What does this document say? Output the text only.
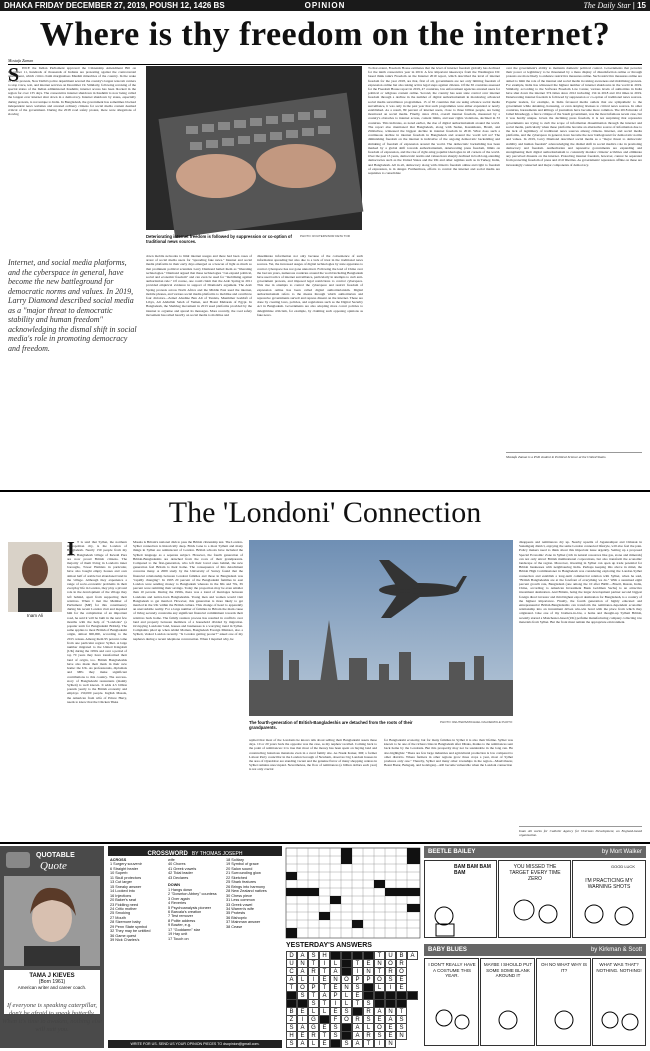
DHAKA FRIDAY DECEMBER 27, 2019, POUSH 12, 1426 BS	OPINION	The Daily Star | 15
Where is thy freedom on the internet?
Mostafa Zaman
S INCE the Indian Parliament approved the Citizenship Amendment Bill on December 11, hundreds of thousands of Indians are protesting against the controversial amendment, which critics claim marginalises Muslim minorities of the country. In the wake of these protests, New Delhi's police department severed the country's largest telecom carriers to stop voice, text, and internet services on December 19. Similarly, following revoking of the special status of the Indian administered Kashmir, internet access has been blocked in the region for over 135 days. The consecutive internet shutdown in Kashmir is now being called the longest ever internet shut down in a democracy. Internet shutdown by states, especially during protests, is not unique to India. In Bangladesh, the government has sometimes blocked independent news websites and arrested ordinary citizens for social media content deemed critical of the government. During the 2018 road safety protest, there were allegations of slowing
Internet, and social media platforms, and the cyberspace in general, have become the new battleground for democratic norms and values. In 2019, Larry Diamond described social media as a "major threat to democratic stability and human freedom" acknowledging the dismal shift in social media's role in promoting democracy and freedom.
Deteriorating internet freedom is followed by suppression or co-option of traditional news sources.
PHOTO: ROUTERS/NOR DETA TOR
down mobile networks to limit internet usages and there had been cases of arrest of social media users for "spreading fake news." Internet and social media platforms in their early days emerged as a beacon of light as much so that prominent political scientists Larry Diamond hailed them as "liberating technologies." Diamond argued that these technologies "can expand political, social and economic freedom" and can even be used for "mobilising against authoritarian rule." Of course, one could claim that the Arab Spring in 2011 provided empirical evidence in support of Diamond's argument. The Arab Spring protests across North Africa and the Middle East used the internet, mobile phones, and various social media platforms to mobilise and overthrow four dictators—Zeinel Abadine Ben Ali of Tunisia, Muammar Gaddafi of Libya, Ali Abdullah Saleh of Yemen, and Hosni Mubarak of Egypt. In Bangladesh, the Shahbag movement in 2013 used platforms provided by the internet to organise and spread its messages. More recently, the road safety movement has relied heavily on social media to mobilise and
disseminate information not only because of the convenience of such information spreading but also due to a lack of trust in the traditional news sources. Yet, the increased usages of digital technologies by state apparatus to control cyberspace has not gone unnoticed. Following the lead of China over the last ten years, numerous countries around the world including Bangladesh have used tactics of internet surveillance, particularly in attempts to curb anti-government protests, and imposed legal restrictions to control cyberspace. This rise in attempts to control the cyberspace and restrict freedom of expression online has been called digital authoritarianism. Digital authoritarianism refers to the means through which authoritarian and repressive governments surveil and repress dissent on the internet. These are done by creating laws, policies, and regulations such as the Digital Security Act in Bangladesh. Governments are also adopting more covert policies to delegitimise criticism, for example, by claiming such opposing opinions as fake news.
To that extent, Freedom House estimates that the level of internet freedom globally has declined for the ninth consecutive year in 2019. A few important takeaways from the Washington DC based think tank's Freedom on the Internet 2019 report, which described the level of internet freedom for the year 2018, are that, first of all, governments are not only limiting freedom of expression online but also taking active legal steps against citizens. Of the 65 countries assessed for the Freedom House report in 2019, 47 countries, law enforcement agencies arrested users for political or religious content online. Second, the country has seen state control over internet freedom through a decline in the number of digital authoritarianism in monitoring advanced social media surveillance programmes. 15 of 65 countries that are using advance social media surveillance, it was only in the past year that such programmes were either expanded or newly established. As a result, 89 percent of internet users, close to three billion people, are being monitored on social media. Finally, since 2014, overall internet freedom, measured by a country's obstacles to internet access, content limits, and user rights violations, declined in 33 countries. This indicates, as noted earlier, the rise of digital authoritarianism around the world. The report also mentioned that Bangladesh, along with Sudan, Kazakhstan, Brazil, and Zimbabwe, witnessed the biggest decline in internet freedom in 2019. What does such a continuous decline in internet freedom in Bangladesh and around the world tell us? The diminishing freedom on the internet is indicative of the ongoing democratic backsliding and shrinking of freedom of expression around the world. The democratic backsliding has been marked by a global shift towards authoritarianism, deteriorating press freedom, limits on freedom of expression, and the rise of right-wing populist ideologies in all corners of the world. Over the past 13 years, democratic norms and values have sharply declined in both long-standing democracies such as the United States and the UK and other regimes such as in Turkey, India, and Bangladesh. All in all, democracy along with citizen's freedom online and right to freedom of expression, is in danger. Furthermore, efforts to control the internet and social media are requisites to consolidate
over the government's ability to maintain domestic political control. Governments that perceive their power or legitimacy to be threatened by a mass display of dissatisfaction online or through protests are more likely to enhance restrictive measures online. Such restrictive measures online are aimed to limit the role of the internet and social media in raising awareness and mobilising protests. For example, India has witnessed the highest number of internet shutdowns in the world in 2019. Similarly, according to the Software Freedom Law Center, various levels of authorities in India have shut down the internet 374 times since 2012 including 134 in 2018 and 104 times in 2019. Deteriorating internet freedom is followed by suppression or co-option of traditional news sources. Popular leaders, for example, in India favoured media outlets that are sympathetic to the government while detaining, harassing, or even denying licenses to critical news sources. In other countries, harassments and killings of journalists have become more common. The 2018 murder of Jamal Khashoggi, a fierce critique of the Saudi government, was the most infamous recent case, but it was hardly unique. Given the declining press freedom, it is not surprising that repressive governments are trying to curb the scope of information dissemination through the internet and social media, particularly when these platforms become an alternative source of information due to the lack of legitimacy of traditional news sources among citizens. Internet, and social media platforms, and the cyberspace in general, have become the new battleground for democratic norms and values. In 2019, Larry Diamond described social media as a "major threat to democratic stability and human freedom" acknowledging the dismal shift in social media's role in promoting democracy and freedom. Authoritarian and repressive governments are expanding and strengthening their digital authoritarianism to constantly monitor citizens' activities and eliminate any perceived dissents on the internet. Protecting internet freedom, however, cannot be separated from protecting freedom of press and civil liberties. As governments' repression offline on these are increasingly connected and major components of democracy.
Mostafa Zaman is a PhD student in Political Science at the United States.
The 'Londoni' Connection
Inam Ali
I T is said that Sylhet, the northern metropolitan city, is the London of Bangladesh. Nearly 150 people from my native Bangladesh village of Kewali Para are now proud British citizens. The majority of them living in London's inner boroughs, Tower Hamlets in particular, have also bought empty houses and own almost half of arable but abandoned land in the village. Although they experience a range of socio-economic problems in their everyday life in London, they play a pivotal role in the development of the village they left behind, apart from supporting their relatives. When I met the Member of Parliament (MP) for this constituency during his recent London visit and inquired him for the compilation of an important road, he said it will be built in the next few months with the help of "Londonis" (a popular term for Bangladeshi British). The same applies to most British of Bangladeshi origin, almost 600,000, according to the 2015 census. Among them 95 percent come from one particular region: Sylhet. A large number migrated to the United Kingdom (UK) during the 1950s and over a period of top 70 years they have transformed their land of origin, too. British Bangladeshis have also made their mark in their new home: the UK. As professionals, diplomats and MPs they make significant contributions to this country. The success-story of Bangladeshi restaurants (mainly Sylheti) is well known. It adds 4.5 billion pounds yearly to the British economy and employs 150,000 people. Inglish Masala, the American from wife of Prince Harry, needs to know that the Chicken Tikka
Masala is Britain's national dish to pass the British citizenship test. The London-Sylhet connection is historically deep. Brick Lane is a most Sylheti and many things in Sylhet are reminiscent of London. British schools have included the Sylheti language as a separate subject. However, the fourth generation of British-Bangladeshis are detached from the roots of their grandparents. Compared to the first-generation, who left their loved ones behind, the new generation feel Britain is their home. The consequence of this detachment concerns many. A 2009 study by the University of Surrey found that the financial relationship between Londoni families and those in Bangladesh was "rapidly changing". In 1995 20 percent of the Bangladeshi families in east London were sending money to Bangladesh whereas in the 60s and 70s, 65 percent were remitting their savings. Today the proportion may be even smaller than 10 percent. During the 1990s, there was a trend of marriages between Londonis and native-born Bangladeshis. Young men and women would visit Bangladesh to get married. However, this generation is more likely to get married in the UK within the British culture. This change of heart is apparently an unavoidable reality. For a large number of families in Britain the main cause of living securely constrains any significant financial commitment towards their relatives back home. The family reunion process has resulted in conflicts over land and property between members of a household divided by migration. Occupying Londonis' land, houses and businesses is a worrying trend in Sylhet. Complaints piled up when Abdul Momen, Bangladesh Foreign Minister, also a Sylheti, visited London recently. "Is London getting poorer?" asked one of my nephews during a recent telephone conversation. When I inquired why, he
The fourth-generation of British-Bangladeshis are detached from the roots of their grandparents.
PHOTO: REUTERS/MICHAEL DALDER/FILE PHOTO
replied that most of the Londonis he knows talk about selling their Bangladeshi assets these days. 10 or 20 years back the opposite was the case, as my nephew recalled. Coming back to the point of remittances: it is true that most of the money has been spent on buying land and constructing luxurious mansions even in a rural family site. As Nasik Kaiser, MP, a former Labour Party councillor in the London borough of Newham, observes: big Londoni houses in the area of Ojondobar are standing vacant and the genuine flavor of many shopping centres in Sylhet remains unoccupied. Nevertheless, the flow of remittances (a billion dollars each year) is not only crucial
for Bangladeshi economy, but for many families in Sylhet it is also their lifeline. Sylhet was known to be one of the richest cities in Bangladesh after Dhaka, thanks to the remittances sent back home by the Londonis. But this prosperity may not be sustainable in the long run. He also highlights: "There are few large industries and agricultural production is low compared to other districts. Where farmers in other regions grow three crops a year, most of Sylhet produces only one." Thereby, Sylhet and many other townships in the region—Moulvibazar, Beani Bazar, Balaganj, and Golabganj—still become vulnerable when the Londoni connection
disappears and remittances dry up. Nearby upazila of Jagannathpur and Chhatak in Sunamganj district, enjoying the same London connected lifestyle, will also feel the pain. Policy makers need to think about this important issue urgently. Setting up a proposed Special Economic Zone in Sylhet (rich in natural resources like gas, stone and minerals) can not only attract British multinational corporations, but also transform the economic landscape of the region. Moreover, investing in Sylhet can open up trade potential for British businesses with neighbouring India. Perhaps keeping this above in mind, the British High Commissioner in Bangladesh was considering exploring the London-Sylhet connection and establish a long-term commercial relation with Sylhet, when he said, "British Bangladeshis are at the forefront of everything we do." With a sustained eight percent growth rate, Bangladesh (one among the 10 after BRIC—Brazil, Russia, India, China, according to American Investment Bank Goldman Sachs) is an attractive investment destination. And Britain, being the larger development partner second biggest foreign direct investor and third highest export destination for Bangladesh, is a country of the highest importance. Finally, the fourth generation of highly educated and entrepreneurial British-Bangladeshis can transform the remittance-dependent economic relationship into an investment driven win-win bond with the place from which they originated. Like one of my brothers-in-law, a home and thought-up Sylheti British, recently started a Manchester-based (UK) perfume manufacturing company collecting raw materials from Sylhet. But the front must remain the appropriate environment.
Inam Ali works for Catholic Agency for Overseas Development, an England-based organisation.
QUOTABLE
Quote
TAMA J KIEVES
(Born 1961)
American writer and career coach.
If everyone is speaking caterpillar, don't be afraid to speak butterfly. When it's time to awaken, nothing else will suit you.
CROSSWORD BY THOMAS JOSEPH
ACROSS
1 Surgery souvenir
6 Straight heater
10 Superb
11 Skull protectors
13 Cut larger
15 Sneaky answer
14 Looked into
16 Injections
20 Baker's seat
23 Fiddling need
24 Critic mother
25 Smoking
27 Mouth
28 Sizemore baby
29 Penn State symbol
32 They may be untitled
36 Game quest
39 Nick Charles's
wife
40 Chores
41 Greek vowels
42 Tidal leader
43 Declares
DOWN
1 Hangs down
2 "Downton Abbey" countess
3 Over again
4 Reveries
5 Psychoanalysis pioneer
6 Barcala's creation
7 Test remover
8 Polite address
9 Bowler, e.g.
17 "Goddamn" star
19 Hay unit
17 Touch on
18 Solitary
19 Symbol of grace
20 Salon sound
21 Surrounding glow
22 Sketched
25 Shark features
26 Brings into harmony
28 New Zealand natives
30 Chess piece
31 Less common
33 Greek vowel
34 Warren's wife
35 Protests
36 Bishopric
37 Mainman answer
38 Cease
YESTERDAY'S ANSWERS
D	A	S	H	T	U	B	A
U	N	T	I	L	T	E	N	O	R
C	A	R	T	A	I	N	T	R	O
A	L	I	E	N	O	P	P	O	S	E
T	O	P	T	E	N	S	L	I	E
S	T	A	P	L	E
S	T	I	L	T	S
B	E	L	L	E	S	R	A	N	T
Z	I	G	F	O	R	S	E	A	S
S	A	G	E	S	A	L	O	E	S
H	E	R	T	S	A	R	S	E	N
S	A	L	E	S	A	T	I	N
BEETLE BAILEY	by Mort Walker
BAM BAM BAM BAM
YOU MISSED THE TARGET EVERY TIME ZERO	I'M PRACTICING MY WARNING SHOTS
GOOD LUCK
BABY BLUES	by Kirkman & Scott
I DON'T REALLY HAVE A COSTUME THIS YEAR.
MAYBE I SHOULD PUT SOME SOME BLANK AROUND IT
OH NO WHAT WHY IS IT?
WHAT WAS THAT? NOTHING. NOTHING!
WRITE FOR US. SEND US YOUR OPINION PIECES TO dsopinion@gmail.com.
